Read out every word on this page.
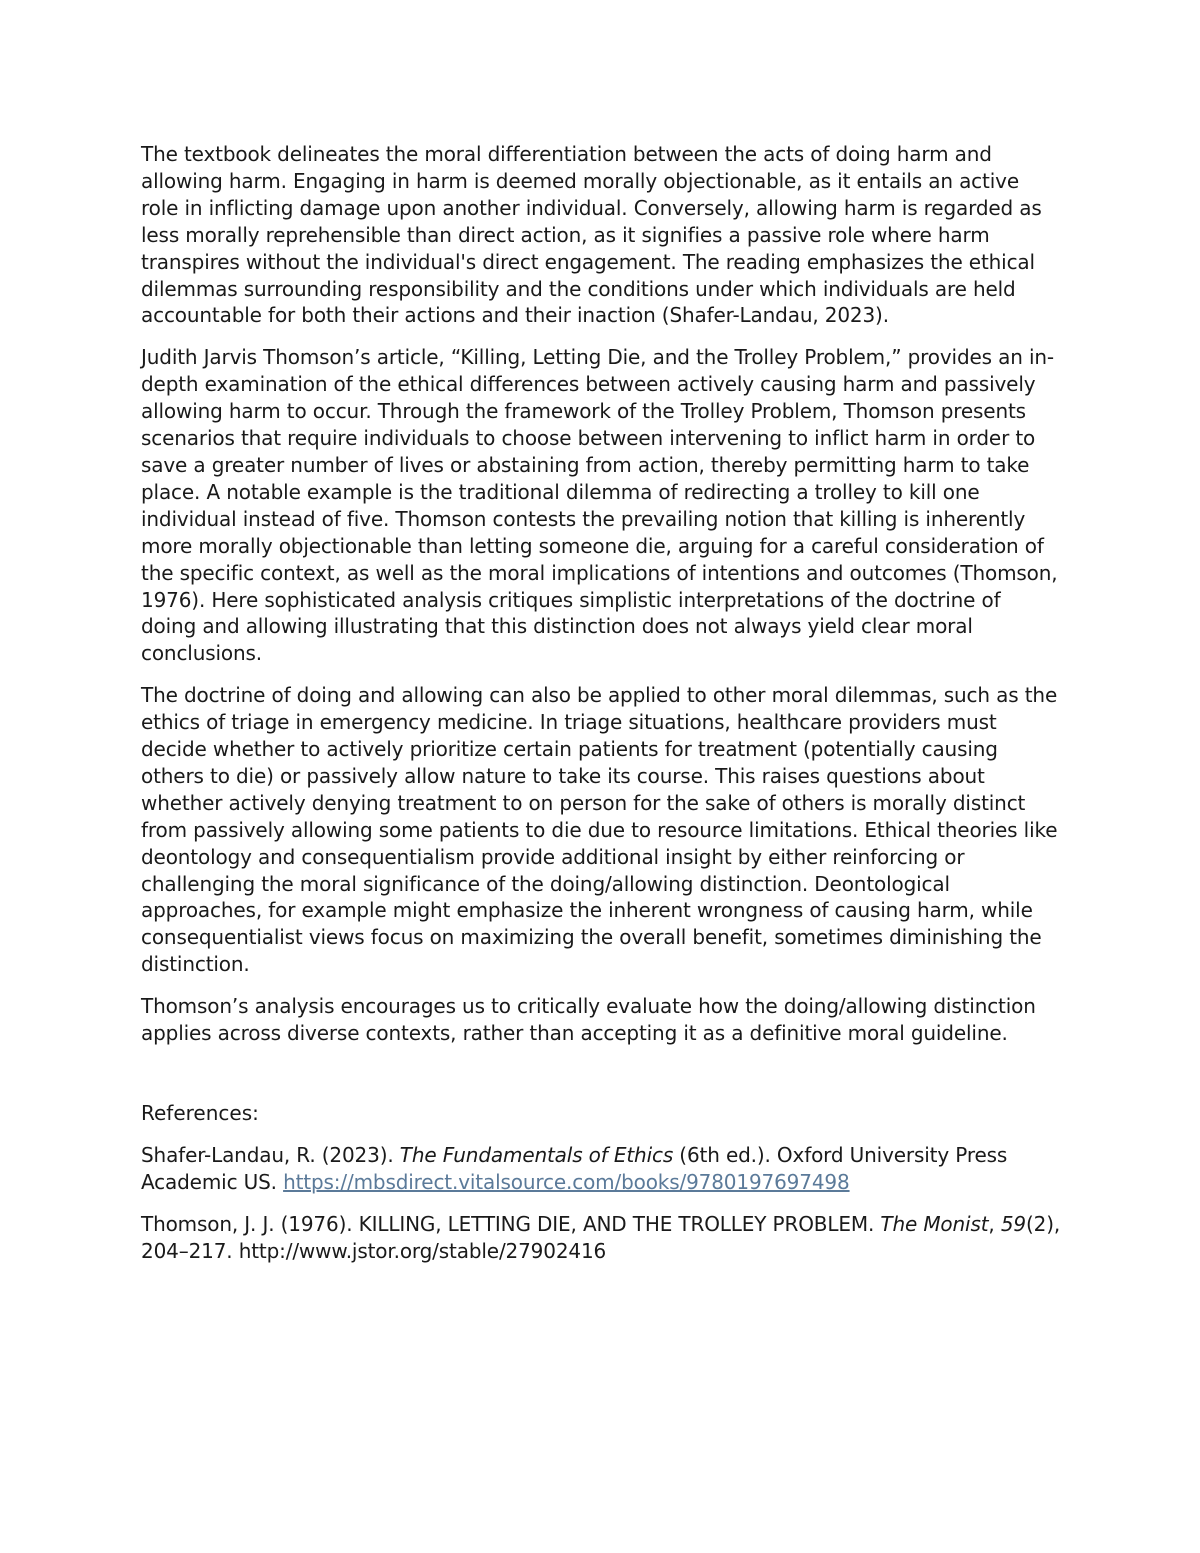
The textbook delineates the moral differentiation between the acts of doing harm and allowing harm. Engaging in harm is deemed morally objectionable, as it entails an active role in inflicting damage upon another individual. Conversely, allowing harm is regarded as less morally reprehensible than direct action, as it signifies a passive role where harm transpires without the individual's direct engagement. The reading emphasizes the ethical dilemmas surrounding responsibility and the conditions under which individuals are held accountable for both their actions and their inaction (Shafer-Landau, 2023).

Judith Jarvis Thomson’s article, “Killing, Letting Die, and the Trolley Problem,” provides an in-depth examination of the ethical differences between actively causing harm and passively allowing harm to occur. Through the framework of the Trolley Problem, Thomson presents scenarios that require individuals to choose between intervening to inflict harm in order to save a greater number of lives or abstaining from action, thereby permitting harm to take place. A notable example is the traditional dilemma of redirecting a trolley to kill one individual instead of five. Thomson contests the prevailing notion that killing is inherently more morally objectionable than letting someone die, arguing for a careful consideration of the specific context, as well as the moral implications of intentions and outcomes (Thomson, 1976). Here sophisticated analysis critiques simplistic interpretations of the doctrine of doing and allowing illustrating that this distinction does not always yield clear moral conclusions.

The doctrine of doing and allowing can also be applied to other moral dilemmas, such as the ethics of triage in emergency medicine. In triage situations, healthcare providers must decide whether to actively prioritize certain patients for treatment (potentially causing others to die) or passively allow nature to take its course. This raises questions about whether actively denying treatment to on person for the sake of others is morally distinct from passively allowing some patients to die due to resource limitations. Ethical theories like deontology and consequentialism provide additional insight by either reinforcing or challenging the moral significance of the doing/allowing distinction. Deontological approaches, for example might emphasize the inherent wrongness of causing harm, while consequentialist views focus on maximizing the overall benefit, sometimes diminishing the distinction.

Thomson’s analysis encourages us to critically evaluate how the doing/allowing distinction applies across diverse contexts, rather than accepting it as a definitive moral guideline.

References:

Shafer-Landau, R. (2023). The Fundamentals of Ethics (6th ed.). Oxford University Press Academic US. https://mbsdirect.vitalsource.com/books/9780197697498

Thomson, J. J. (1976). KILLING, LETTING DIE, AND THE TROLLEY PROBLEM. The Monist, 59(2), 204–217. http://www.jstor.org/stable/27902416
